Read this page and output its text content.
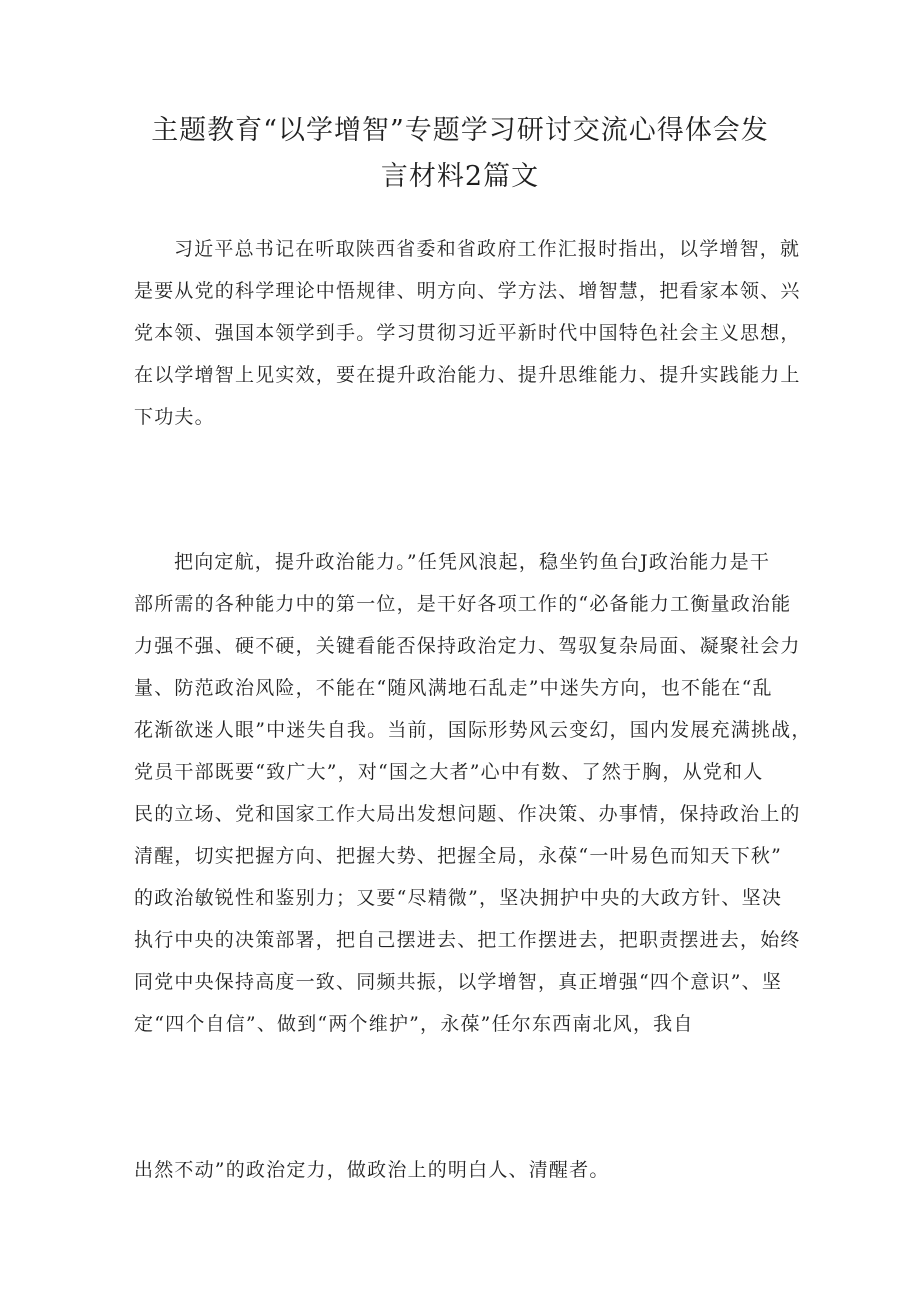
主题教育“以学增智”专题学习研讨交流心得体会发
言材料2篇文
习近平总书记在听取陕西省委和省政府工作汇报时指出，以学增智，就
是要从党的科学理论中悟规律、明方向、学方法、增智慧，把看家本领、兴
党本领、强国本领学到手。学习贯彻习近平新时代中国特色社会主义思想，
在以学增智上见实效，要在提升政治能力、提升思维能力、提升实践能力上
下功夫。
把向定航，提升政治能力。”任凭风浪起，稳坐钓鱼台J政治能力是干
部所需的各种能力中的第一位，是干好各项工作的“必备能力工衡量政治能
力强不强、硬不硬，关键看能否保持政治定力、驾驭复杂局面、凝聚社会力
量、防范政治风险，不能在“随风满地石乱走”中迷失方向，也不能在“乱
花渐欲迷人眼”中迷失自我。当前，国际形势风云变幻，国内发展充满挑战，
党员干部既要“致广大”，对“国之大者”心中有数、了然于胸，从党和人
民的立场、党和国家工作大局出发想问题、作决策、办事情，保持政治上的
清醒，切实把握方向、把握大势、把握全局，永葆“一叶易色而知天下秋”
的政治敏锐性和鉴别力；又要“尽精微”，坚决拥护中央的大政方针、坚决
执行中央的决策部署，把自己摆进去、把工作摆进去，把职责摆进去，始终
同党中央保持高度一致、同频共振，以学增智，真正增强“四个意识”、坚
定“四个自信”、做到“两个维护”，永葆”任尔东西南北风，我自
出然不动”的政治定力，做政治上的明白人、清醒者。
